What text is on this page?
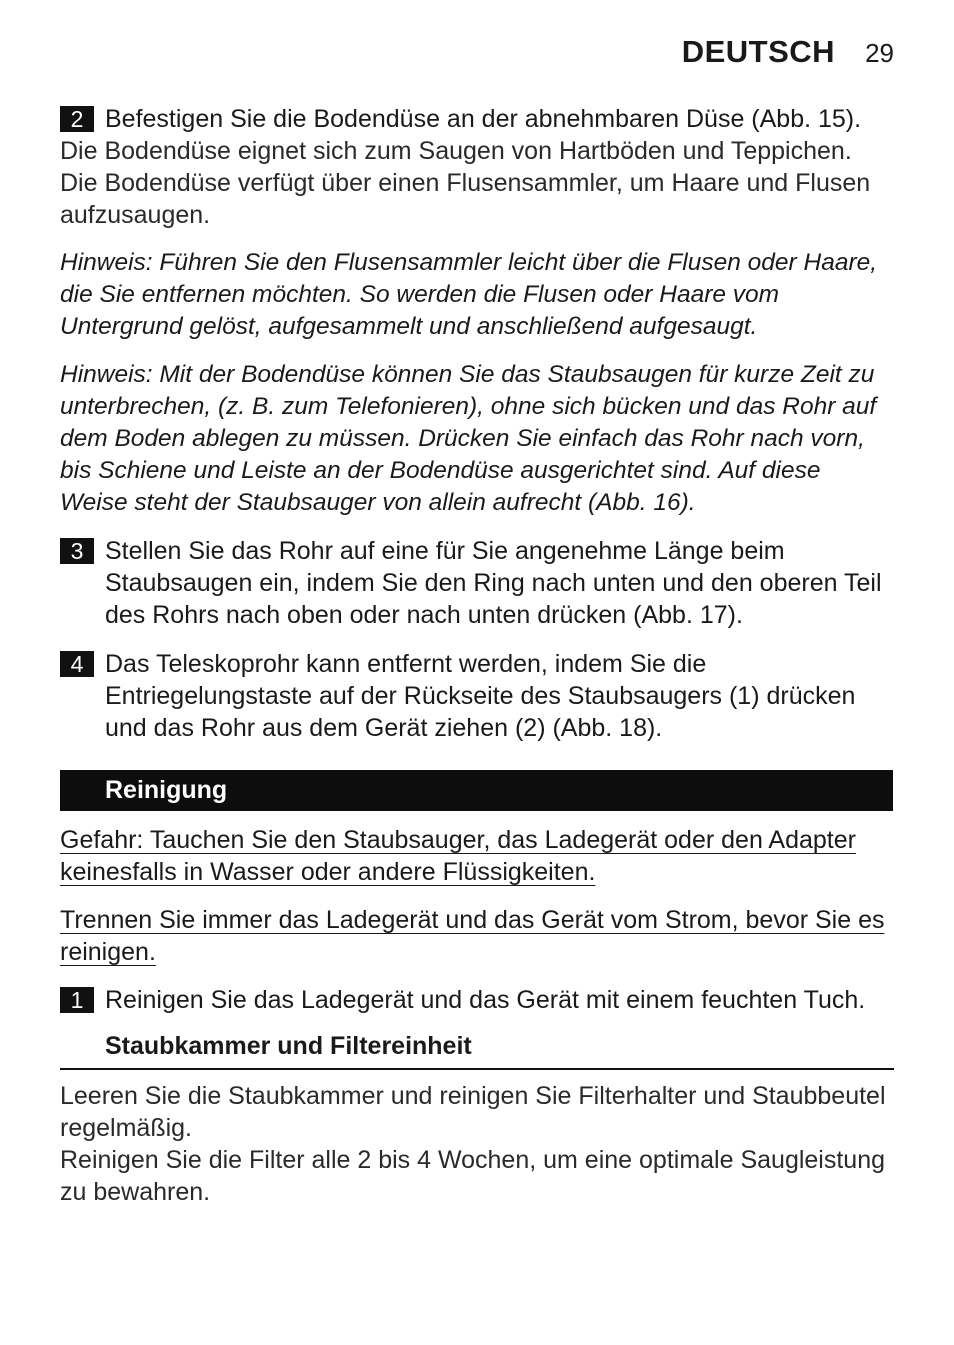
DEUTSCH 29
2 Befestigen Sie die Bodendüse an der abnehmbaren Düse (Abb. 15).
Die Bodendüse eignet sich zum Saugen von Hartböden und Teppichen. Die Bodendüse verfügt über einen Flusensammler, um Haare und Flusen aufzusaugen.
Hinweis: Führen Sie den Flusensammler leicht über die Flusen oder Haare, die Sie entfernen möchten. So werden die Flusen oder Haare vom Untergrund gelöst, aufgesammelt und anschließend aufgesaugt.
Hinweis: Mit der Bodendüse können Sie das Staubsaugen für kurze Zeit zu unterbrechen, (z. B. zum Telefonieren), ohne sich bücken und das Rohr auf dem Boden ablegen zu müssen. Drücken Sie einfach das Rohr nach vorn, bis Schiene und Leiste an der Bodendüse ausgerichtet sind. Auf diese Weise steht der Staubsauger von allein aufrecht (Abb. 16).
3 Stellen Sie das Rohr auf eine für Sie angenehme Länge beim Staubsaugen ein, indem Sie den Ring nach unten und den oberen Teil des Rohrs nach oben oder nach unten drücken (Abb. 17).
4 Das Teleskoprohr kann entfernt werden, indem Sie die Entriegelungstaste auf der Rückseite des Staubsaugers (1) drücken und das Rohr aus dem Gerät ziehen (2) (Abb. 18).
Reinigung
Gefahr: Tauchen Sie den Staubsauger, das Ladegerät oder den Adapter keinesfalls in Wasser oder andere Flüssigkeiten.
Trennen Sie immer das Ladegerät und das Gerät vom Strom, bevor Sie es reinigen.
1 Reinigen Sie das Ladegerät und das Gerät mit einem feuchten Tuch.
Staubkammer und Filtereinheit
Leeren Sie die Staubkammer und reinigen Sie Filterhalter und Staubbeutel regelmäßig.
Reinigen Sie die Filter alle 2 bis 4 Wochen, um eine optimale Saugleistung zu bewahren.
